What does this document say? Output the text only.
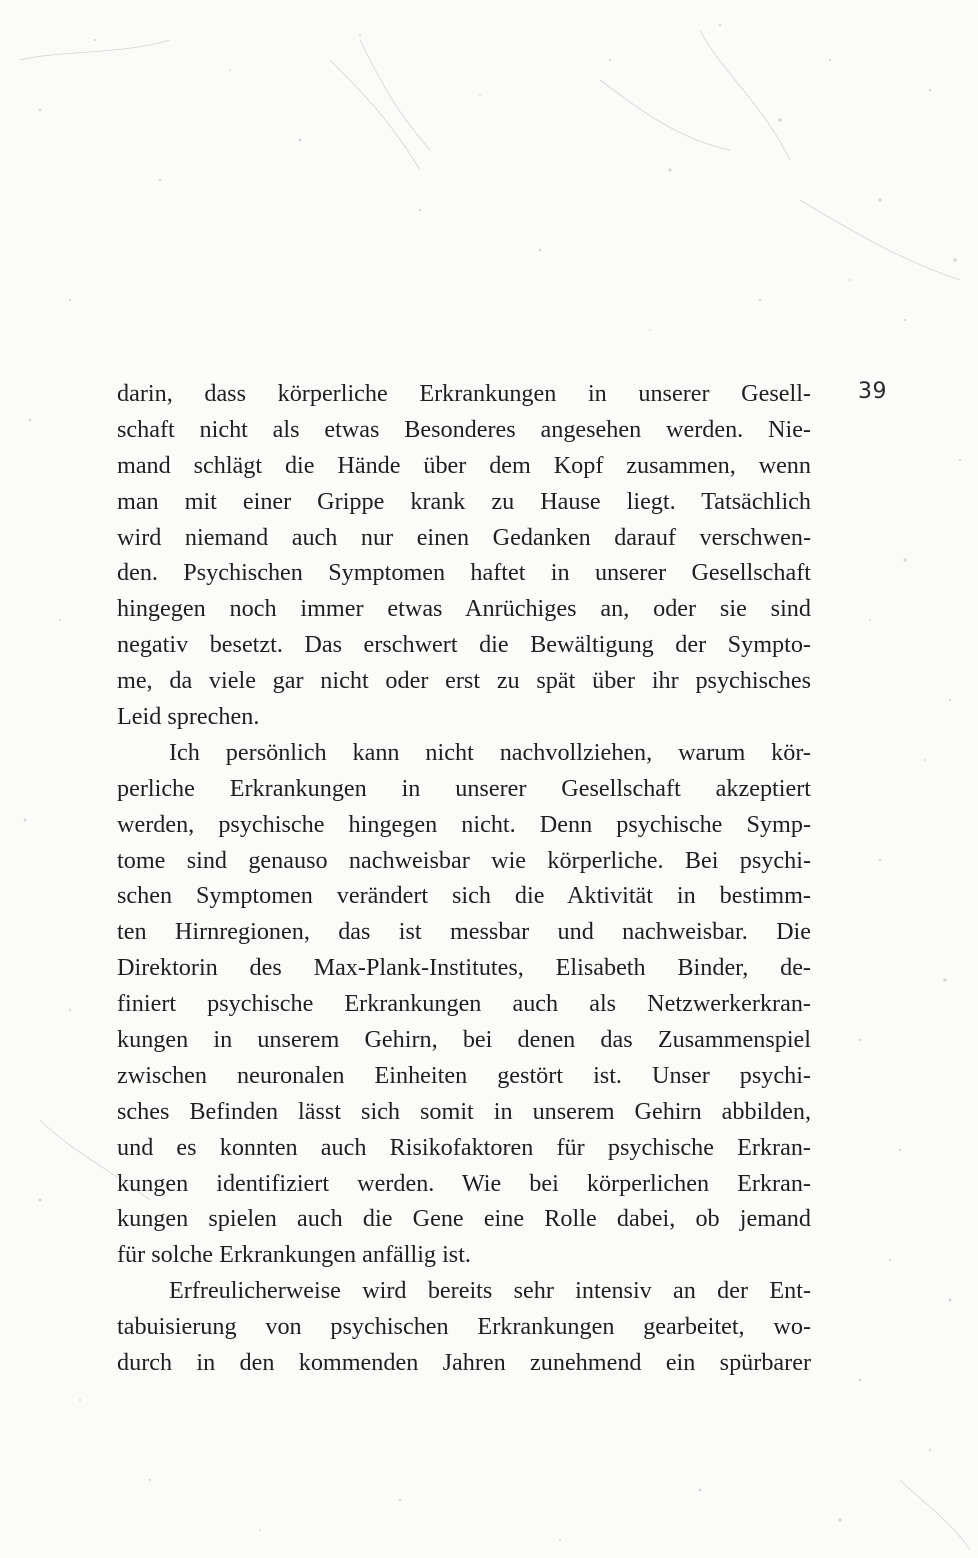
39
darin, dass körperliche Erkrankungen in unserer Gesell-
schaft nicht als etwas Besonderes angesehen werden. Nie-
mand schlägt die Hände über dem Kopf zusammen, wenn
man mit einer Grippe krank zu Hause liegt. Tatsächlich
wird niemand auch nur einen Gedanken darauf verschwen-
den. Psychischen Symptomen haftet in unserer Gesellschaft
hingegen noch immer etwas Anrüchiges an, oder sie sind
negativ besetzt. Das erschwert die Bewältigung der Sympto-
me, da viele gar nicht oder erst zu spät über ihr psychisches
Leid sprechen.
Ich persönlich kann nicht nachvollziehen, warum kör-
perliche Erkrankungen in unserer Gesellschaft akzeptiert
werden, psychische hingegen nicht. Denn psychische Symp-
tome sind genauso nachweisbar wie körperliche. Bei psychi-
schen Symptomen verändert sich die Aktivität in bestimm-
ten Hirnregionen, das ist messbar und nachweisbar. Die
Direktorin des Max-Plank-Institutes, Elisabeth Binder, de-
finiert psychische Erkrankungen auch als Netzwerkerkran-
kungen in unserem Gehirn, bei denen das Zusammenspiel
zwischen neuronalen Einheiten gestört ist. Unser psychi-
sches Befinden lässt sich somit in unserem Gehirn abbilden,
und es konnten auch Risikofaktoren für psychische Erkran-
kungen identifiziert werden. Wie bei körperlichen Erkran-
kungen spielen auch die Gene eine Rolle dabei, ob jemand
für solche Erkrankungen anfällig ist.
Erfreulicherweise wird bereits sehr intensiv an der Ent-
tabuisierung von psychischen Erkrankungen gearbeitet, wo-
durch in den kommenden Jahren zunehmend ein spürbarer
